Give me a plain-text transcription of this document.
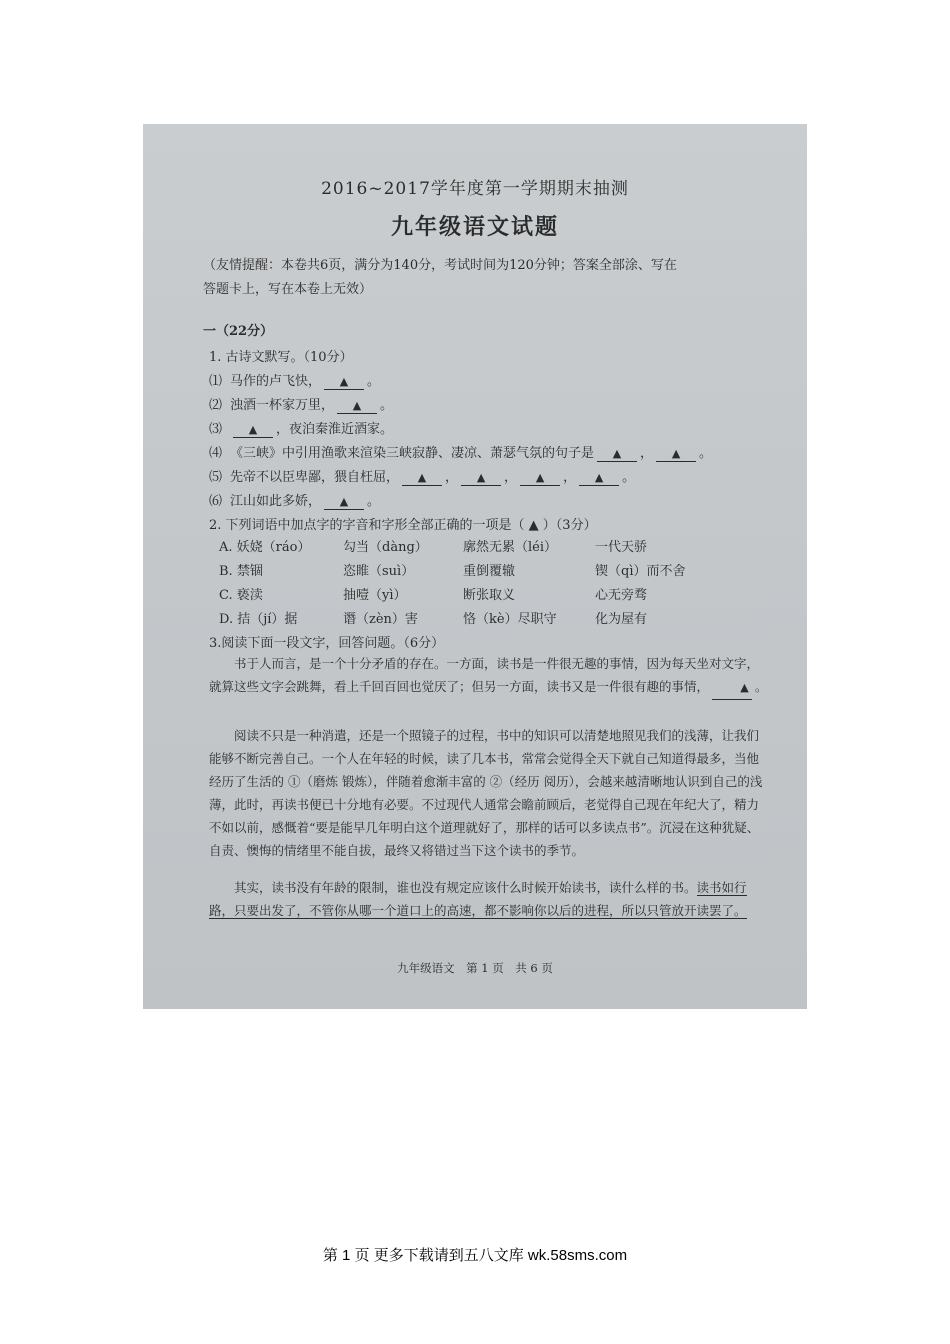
2016~2017学年度第一学期期末抽测
九年级语文试题
（友情提醒：本卷共6页，满分为140分，考试时间为120分钟；答案全部涂、写在
答题卡上，写在本卷上无效）
一（22分）
1. 古诗文默写。（10分）
⑴ 马作的卢飞快， ▲ 。
⑵ 浊酒一杯家万里， ▲ 。
⑶ ▲ ，夜泊秦淮近酒家。
⑷ 《三峡》中引用渔歌来渲染三峡寂静、凄凉、萧瑟气氛的句子是 ▲ ， ▲ 。
⑸ 先帝不以臣卑鄙，猥自枉屈， ▲ ， ▲ ， ▲ ， ▲ 。
⑹ 江山如此多娇， ▲ 。
2. 下列词语中加点字的字音和字形全部正确的一项是（ ▲ ）（3分）
A. 妖娆（ráo）	勾当（dàng）	廓然无累（léi）	一代天骄
B. 禁锢	恣睢（suì）	重倒覆辙	锲（qì）而不舍
C. 亵渎	抽噎（yì）	断张取义	心无旁骛
D. 拮（jí）据	谮（zèn）害	恪（kè）尽职守	化为屋有
3.阅读下面一段文字，回答问题。（6分）
书于人而言，是一个十分矛盾的存在。一方面，读书是一件很无趣的事情，因为每天坐对文字，就算这些文字会跳舞，看上千回百回也觉厌了；但另一方面，读书又是一件很有趣的事情，	▲ 。
阅读不只是一种消遣，还是一个照镜子的过程，书中的知识可以清楚地照见我们的浅薄，让我们能够不断完善自己。一个人在年轻的时候，读了几本书，常常会觉得全天下就自己知道得最多，当他经历了生活的 ①（磨炼 锻炼），伴随着愈渐丰富的 ②（经历 阅历），会越来越清晰地认识到自己的浅薄，此时，再读书便已十分地有必要。不过现代人通常会瞻前顾后，老觉得自己现在年纪大了，精力不如以前，感慨着“要是能早几年明白这个道理就好了，那样的话可以多读点书”。沉浸在这种犹疑、自责、懊悔的情绪里不能自拔，最终又将错过当下这个读书的季节。
其实，读书没有年龄的限制，谁也没有规定应该什么时候开始读书，读什么样的书。读书如行路，只要出发了，不管你从哪一个道口上的高速，都不影响你以后的进程，所以只管放开读罢了。
九年级语文　第 1 页　共 6 页
第 1 页 更多下载请到五八文库 wk.58sms.com
